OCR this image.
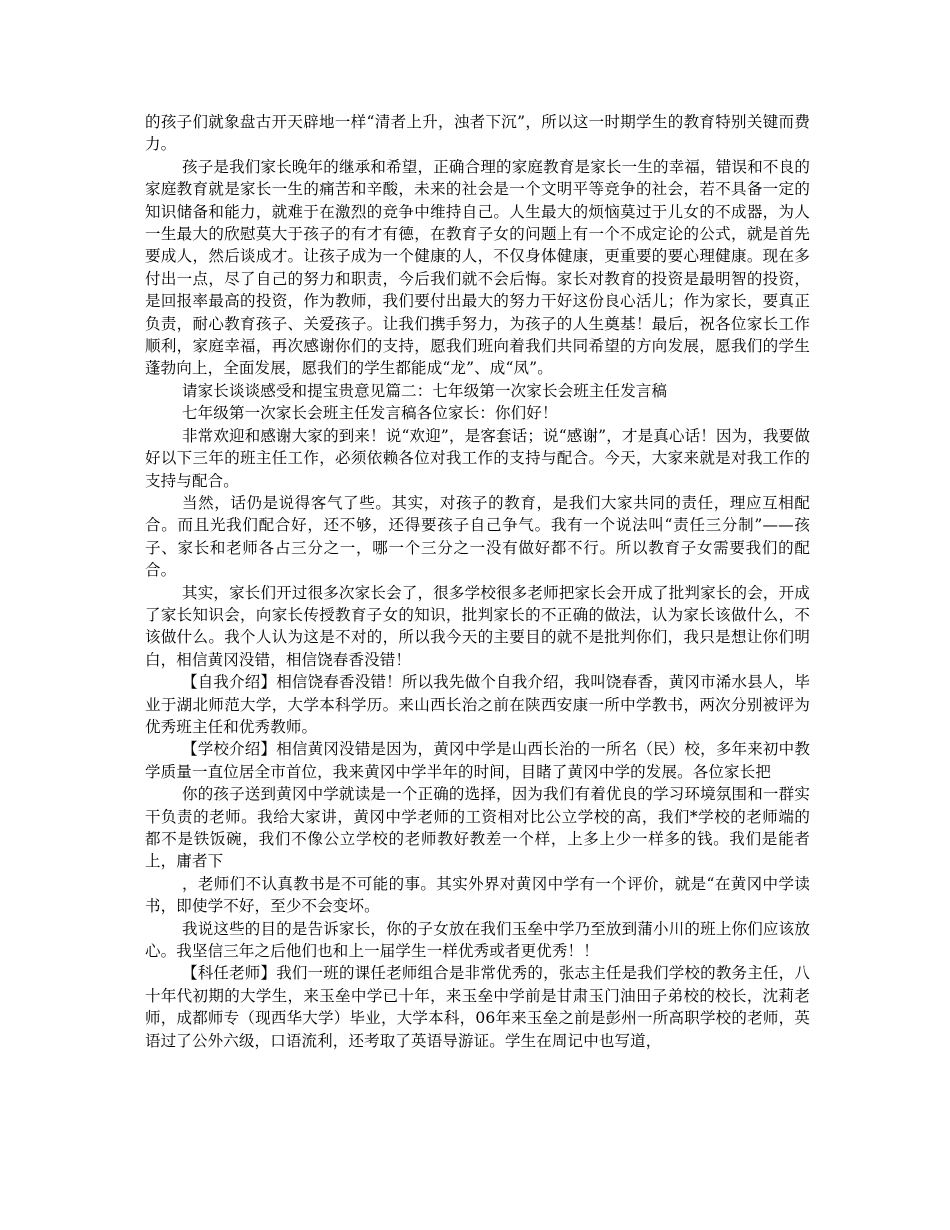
的孩子们就象盘古开天辟地一样“清者上升，浊者下沉”，所以这一时期学生的教育特别关键而费力。

孩子是我们家长晚年的继承和希望，正确合理的家庭教育是家长一生的幸福，错误和不良的家庭教育就是家长一生的痛苦和辛酸，未来的社会是一个文明平等竞争的社会，若不具备一定的知识储备和能力，就难于在激烈的竞争中维持自己。人生最大的烦恼莫过于儿女的不成器，为人一生最大的欣慰莫大于孩子的有才有德，在教育子女的问题上有一个不成定论的公式，就是首先要成人，然后谈成才。让孩子成为一个健康的人，不仅身体健康，更重要的要心理健康。现在多付出一点，尽了自己的努力和职责，今后我们就不会后悔。家长对教育的投资是最明智的投资，是回报率最高的投资，作为教师，我们要付出最大的努力干好这份良心活儿；作为家长，要真正负责，耐心教育孩子、关爱孩子。让我们携手努力，为孩子的人生奠基！最后，祝各位家长工作顺利，家庭幸福，再次感谢你们的支持，愿我们班向着我们共同希望的方向发展，愿我们的学生蓬勃向上，全面发展，愿我们的学生都能成“龙”、成“凤”。

请家长谈谈感受和提宝贵意见篇二：七年级第一次家长会班主任发言稿

七年级第一次家长会班主任发言稿各位家长：你们好！

非常欢迎和感谢大家的到来！说“欢迎”，是客套话；说“感谢”，才是真心话！因为，我要做好以下三年的班主任工作，必须依赖各位对我工作的支持与配合。今天，大家来就是对我工作的支持与配合。

当然，话仍是说得客气了些。其实，对孩子的教育，是我们大家共同的责任，理应互相配合。而且光我们配合好，还不够，还得要孩子自己争气。我有一个说法叫“责任三分制”——孩子、家长和老师各占三分之一，哪一个三分之一没有做好都不行。所以教育子女需要我们的配合。

其实，家长们开过很多次家长会了，很多学校很多老师把家长会开成了批判家长的会，开成了家长知识会，向家长传授教育子女的知识，批判家长的不正确的做法，认为家长该做什么，不该做什么。我个人认为这是不对的，所以我今天的主要目的就不是批判你们，我只是想让你们明白，相信黄冈没错，相信饶春香没错！

【自我介绍】相信饶春香没错！所以我先做个自我介绍，我叫饶春香，黄冈市浠水县人，毕业于湖北师范大学，大学本科学历。来山西长治之前在陕西安康一所中学教书，两次分别被评为优秀班主任和优秀教师。

【学校介绍】相信黄冈没错是因为，黄冈中学是山西长治的一所名（民）校，多年来初中教学质量一直位居全市首位，我来黄冈中学半年的时间，目睹了黄冈中学的发展。各位家长把

你的孩子送到黄冈中学就读是一个正确的选择，因为我们有着优良的学习环境氛围和一群实干负责的老师。我给大家讲，黄冈中学老师的工资相对比公立学校的高，我们*学校的老师端的都不是铁饭碗，我们不像公立学校的老师教好教差一个样，上多上少一样多的钱。我们是能者上，庸者下

，老师们不认真教书是不可能的事。其实外界对黄冈中学有一个评价，就是“在黄冈中学读书，即使学不好，至少不会变坏。

我说这些的目的是告诉家长，你的子女放在我们玉垒中学乃至放到蒲小川的班上你们应该放心。我坚信三年之后他们也和上一届学生一样优秀或者更优秀！！

【科任老师】我们一班的课任老师组合是非常优秀的，张志主任是我们学校的教务主任，八十年代初期的大学生，来玉垒中学已十年，来玉垒中学前是甘肃玉门油田子弟校的校长，沈莉老师，成都师专（现西华大学）毕业，大学本科，06年来玉垒之前是彭州一所高职学校的老师，英语过了公外六级，口语流利，还考取了英语导游证。学生在周记中也写道，
